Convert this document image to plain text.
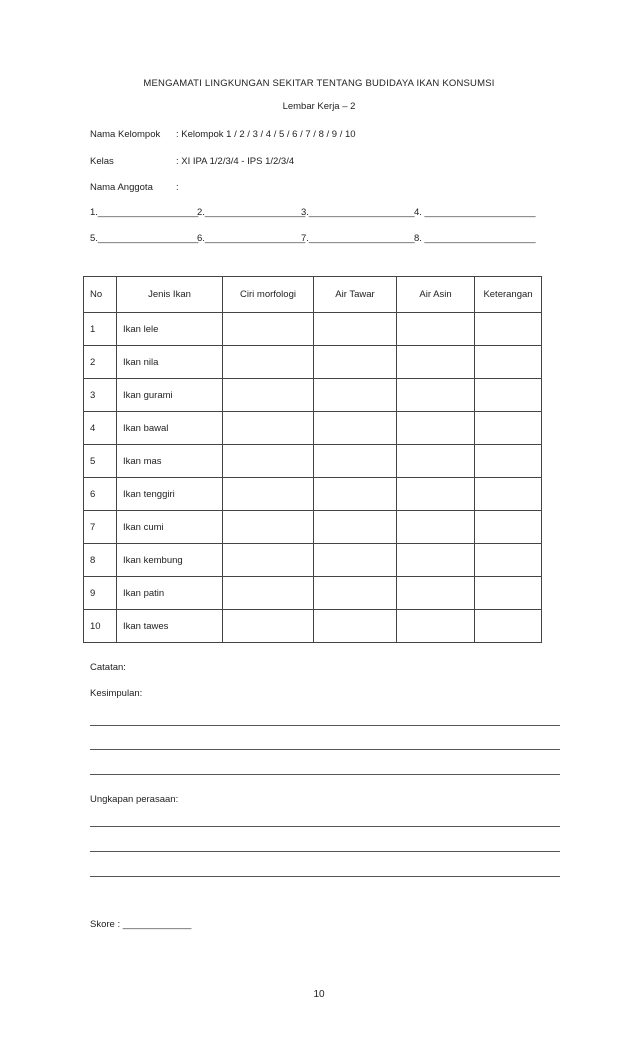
MENGAMATI LINGKUNGAN SEKITAR TENTANG BUDIDAYA IKAN KONSUMSI
Lembar Kerja – 2
Nama Kelompok : Kelompok 1 / 2 / 3 / 4 / 5 / 6 / 7 / 8 / 9 / 10
Kelas	: XI IPA 1/2/3/4 - IPS 1/2/3/4
Nama Anggota :
1.___________________2.___________________3.____________________4. _____________________
5.___________________6.___________________7.____________________8. _____________________
No	Jenis Ikan	Ciri morfologi	Air Tawar	Air Asin	Keterangan
1	Ikan lele				
2	Ikan nila				
3	Ikan gurami				
4	Ikan bawal				
5	Ikan mas				
6	Ikan tenggiri				
7	Ikan cumi				
8	Ikan kembung				
9	Ikan patin				
10	Ikan tawes				
Catatan:
Kesimpulan:
Ungkapan perasaan:
Skore : _____________
10
